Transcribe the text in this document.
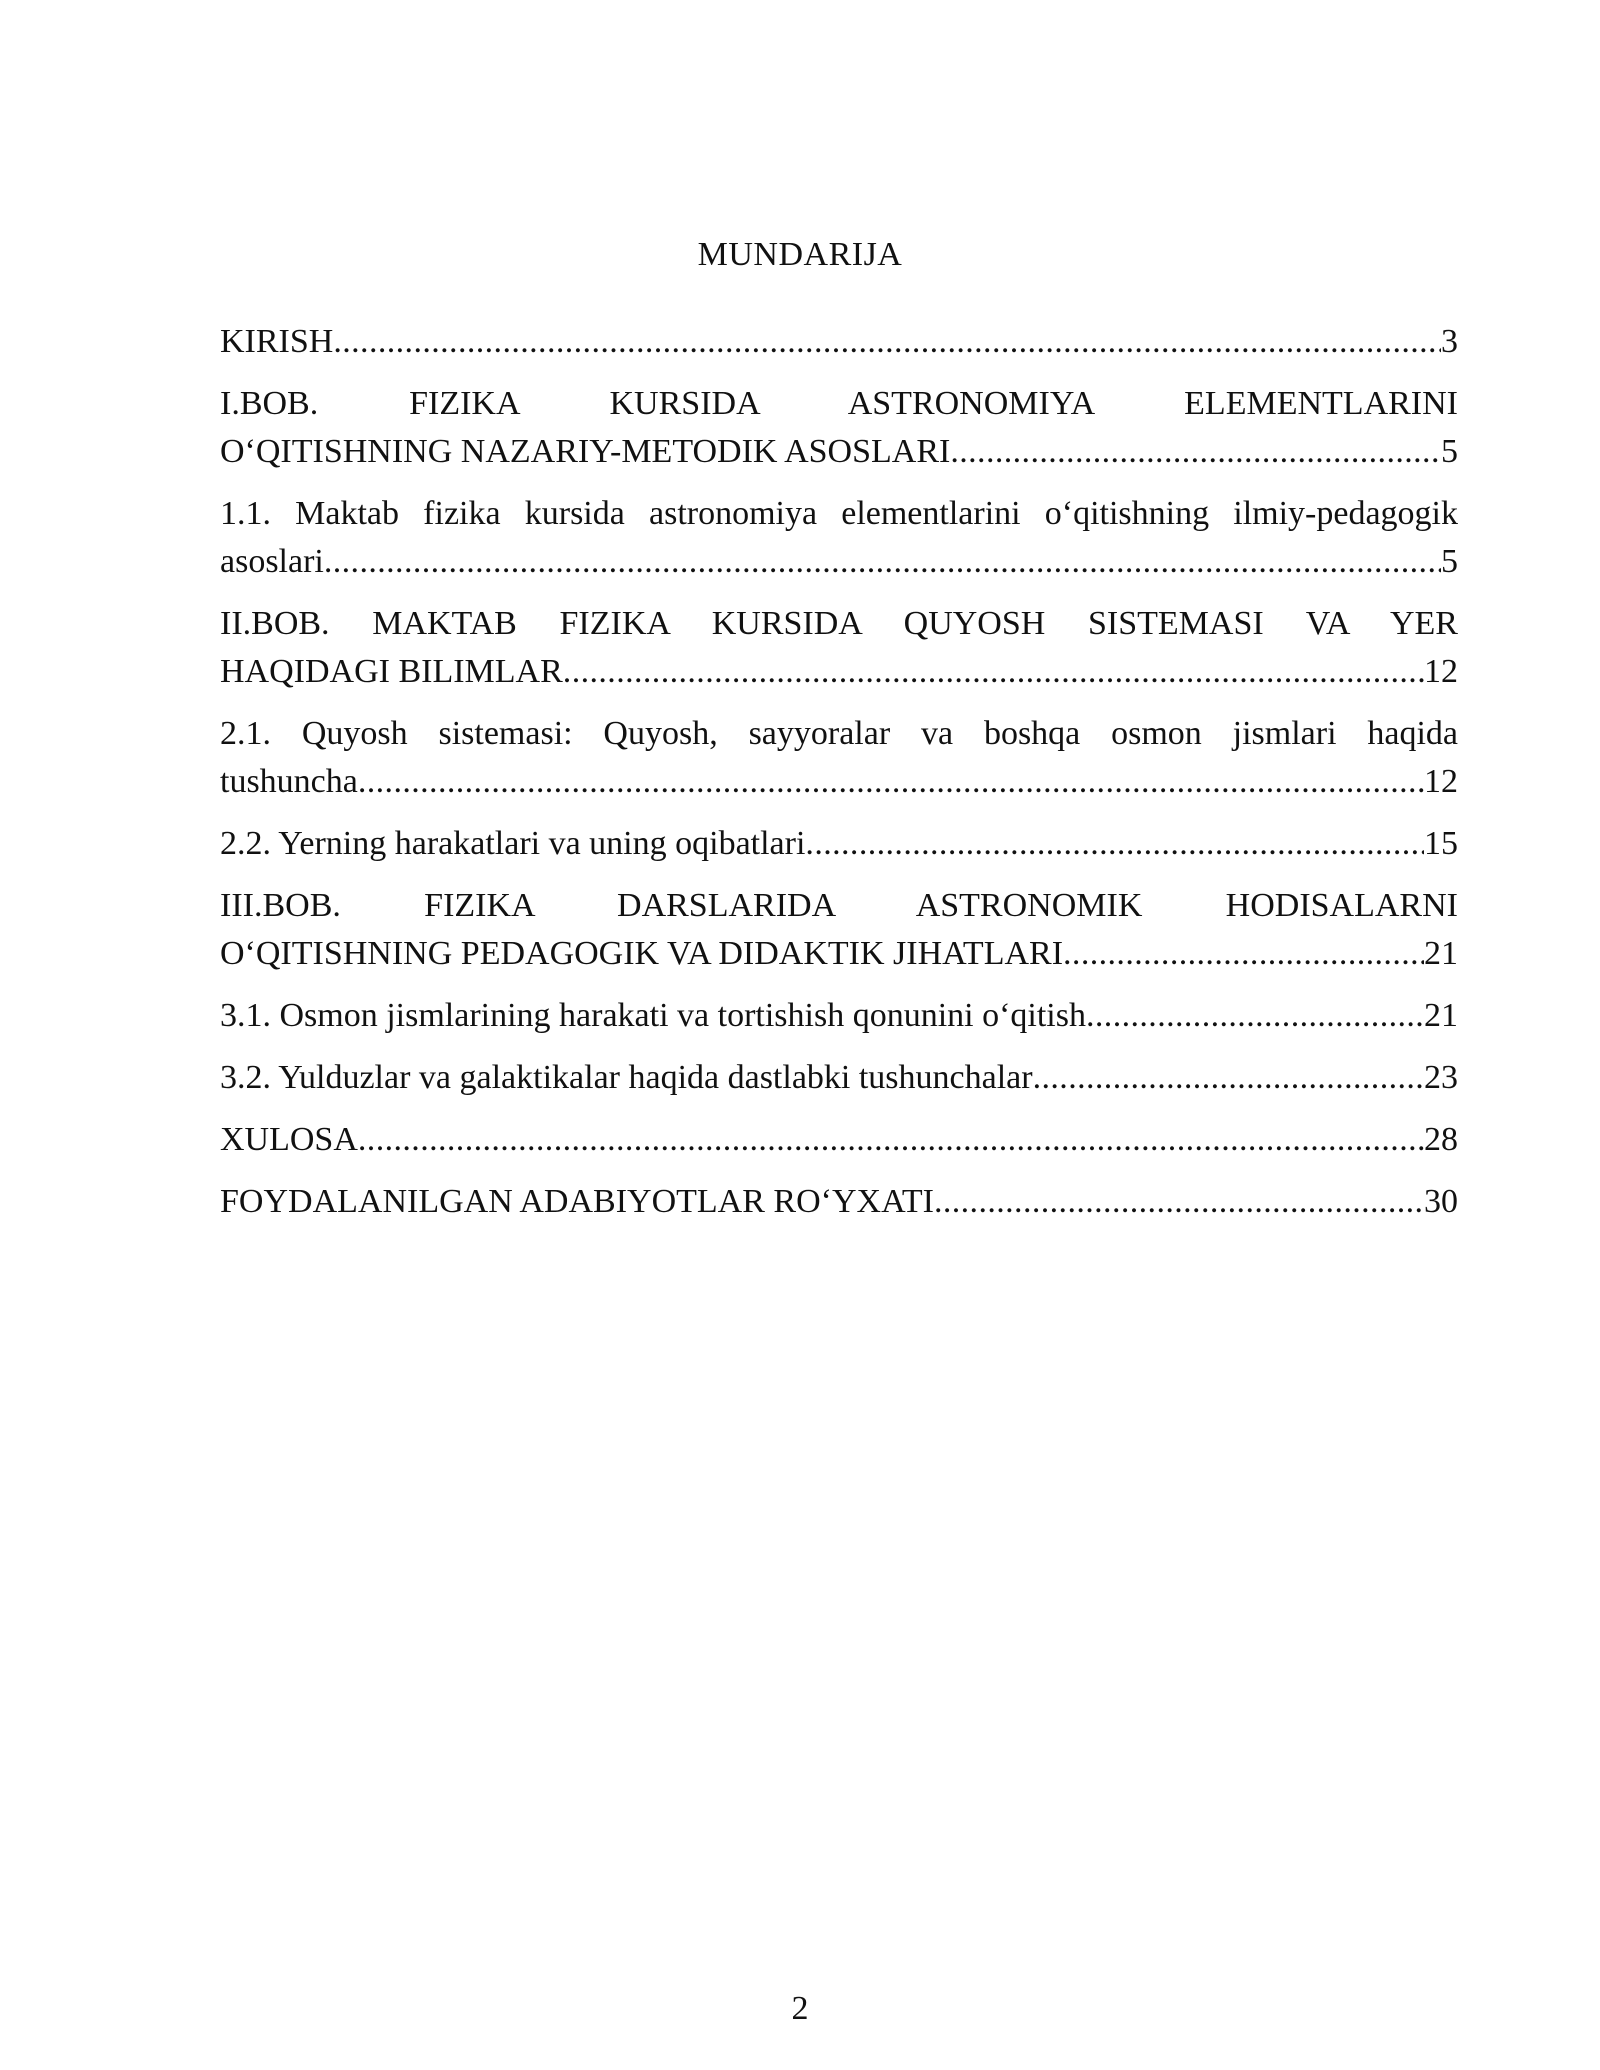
MUNDARIJA
KIRISH .....	3
I.BOB. FIZIKA KURSIDA ASTRONOMIYA ELEMENTLARINI
O‘QITISHNING NAZARIY-METODIK ASOSLARI .....	5
1.1. Maktab fizika kursida astronomiya elementlarini o‘qitishning ilmiy-pedagogik
asoslari .....	5
II.BOB. MAKTAB FIZIKA KURSIDA QUYOSH SISTEMASI VA YER
HAQIDAGI BILIMLAR .....	12
2.1. Quyosh sistemasi: Quyosh, sayyoralar va boshqa osmon jismlari haqida
tushuncha .....	12
2.2. Yerning harakatlari va uning oqibatlari .....	15
III.BOB. FIZIKA DARSLARIDA ASTRONOMIK HODISALARNI
O‘QITISHNING PEDAGOGIK VA DIDAKTIK JIHATLARI .....	21
3.1. Osmon jismlarining harakati va tortishish qonunini o‘qitish .....	21
3.2. Yulduzlar va galaktikalar haqida dastlabki tushunchalar .....	23
XULOSA .....	28
FOYDALANILGAN ADABIYOTLAR RO‘YXATI .....	30
2
